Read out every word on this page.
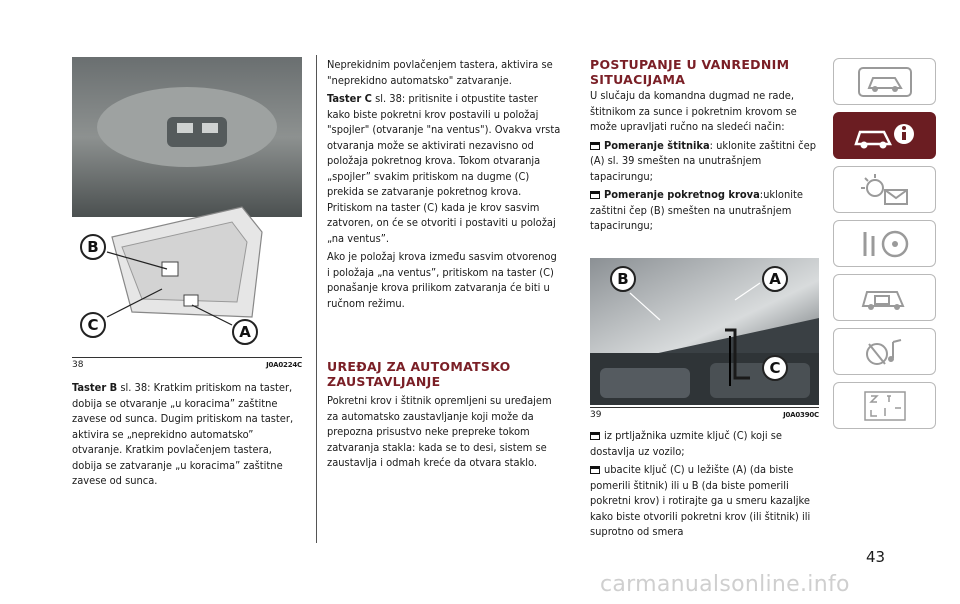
B
C	A
38	J0A0224C

Taster B sl. 38: Kratkim pritiskom na taster, dobija se otvaranje „u koracima” zaštitne zavese od sunca. Dugim pritiskom na taster, aktivira se „neprekidno automatsko” otvaranje. Kratkim povlačenjem tastera, dobija se zatvaranje „u koracima” zaštitne zavese od sunca.

Neprekidnim povlačenjem tastera, aktivira se "neprekidno automatsko" zatvaranje.

Taster C sl. 38: pritisnite i otpustite taster kako biste pokretni krov postavili u položaj "spojler" (otvaranje "na ventus"). Ovakva vrsta otvaranja može se aktivirati nezavisno od položaja pokretnog krova. Tokom otvaranja „spojler” svakim pritiskom na dugme (C) prekida se zatvaranje pokretnog krova. Pritiskom na taster (C) kada je krov sasvim zatvoren, on će se otvoriti i postaviti u položaj „na ventus”.

Ako je položaj krova između sasvim otvorenog i položaja „na ventus”, pritiskom na taster (C) ponašanje krova prilikom zatvaranja će biti u ručnom režimu.

UREĐAJ ZA AUTOMATSKO ZAUSTAVLJANJE

Pokretni krov i štitnik opremljeni su uređajem za automatsko zaustavljanje koji može da prepozna prisustvo neke prepreke tokom zatvaranja stakla: kada se to desi, sistem se zaustavlja i odmah kreće da otvara staklo.

POSTUPANJE U VANREDNIM SITUACIJAMA

U slučaju da komandna dugmad ne rade, štitnikom za sunce i pokretnim krovom se može upravljati ručno na sledeći način:

Pomeranje štitnika: uklonite zaštitni čep (A) sl. 39 smešten na unutrašnjem tapacirungu;

Pomeranje pokretnog krova:uklonite zaštitni čep (B) smešten na unutrašnjem tapacirungu;

B	A
C
39	J0A0390C

iz prtljažnika uzmite ključ (C) koji se dostavlja uz vozilo;

ubacite ključ (C) u ležište (A) (da biste pomerili štitnik) ili u B (da biste pomerili pokretni krov) i rotirajte ga u smeru kazaljke kako biste otvorili pokretni krov (ili štitnik) ili suprotno od smera

43
carmanualsonline.info
